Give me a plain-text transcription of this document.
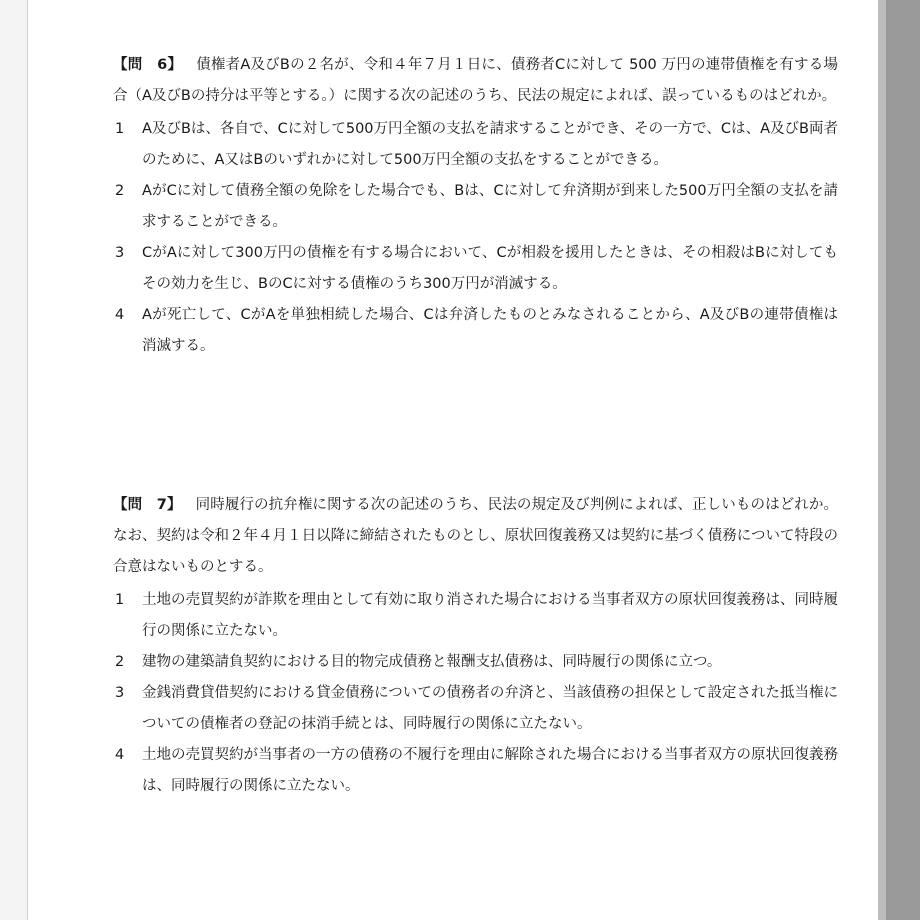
【問　6】 債権者A及びBの２名が、令和４年７月１日に、債務者Cに対して 500 万円の連帯債権を有する場合（A及びBの持分は平等とする。）に関する次の記述のうち、民法の規定によれば、誤っているものはどれか。

1	A及びBは、各自で、Cに対して500万円全額の支払を請求することができ、その一方で、Cは、A及びB両者のために、A又はBのいずれかに対して500万円全額の支払をすることができる。
2	AがCに対して債務全額の免除をした場合でも、Bは、Cに対して弁済期が到来した500万円全額の支払を請求することができる。
3	CがAに対して300万円の債権を有する場合において、Cが相殺を援用したときは、その相殺はBに対してもその効力を生じ、BのCに対する債権のうち300万円が消滅する。
4	Aが死亡して、CがAを単独相続した場合、Cは弁済したものとみなされることから、A及びBの連帯債権は消滅する。

【問　7】 同時履行の抗弁権に関する次の記述のうち、民法の規定及び判例によれば、正しいものはどれか。なお、契約は令和２年４月１日以降に締結されたものとし、原状回復義務又は契約に基づく債務について特段の合意はないものとする。

1	土地の売買契約が詐欺を理由として有効に取り消された場合における当事者双方の原状回復義務は、同時履行の関係に立たない。
2	建物の建築請負契約における目的物完成債務と報酬支払債務は、同時履行の関係に立つ。
3	金銭消費貸借契約における貸金債務についての債務者の弁済と、当該債務の担保として設定された抵当権についての債権者の登記の抹消手続とは、同時履行の関係に立たない。
4	土地の売買契約が当事者の一方の債務の不履行を理由に解除された場合における当事者双方の原状回復義務は、同時履行の関係に立たない。
